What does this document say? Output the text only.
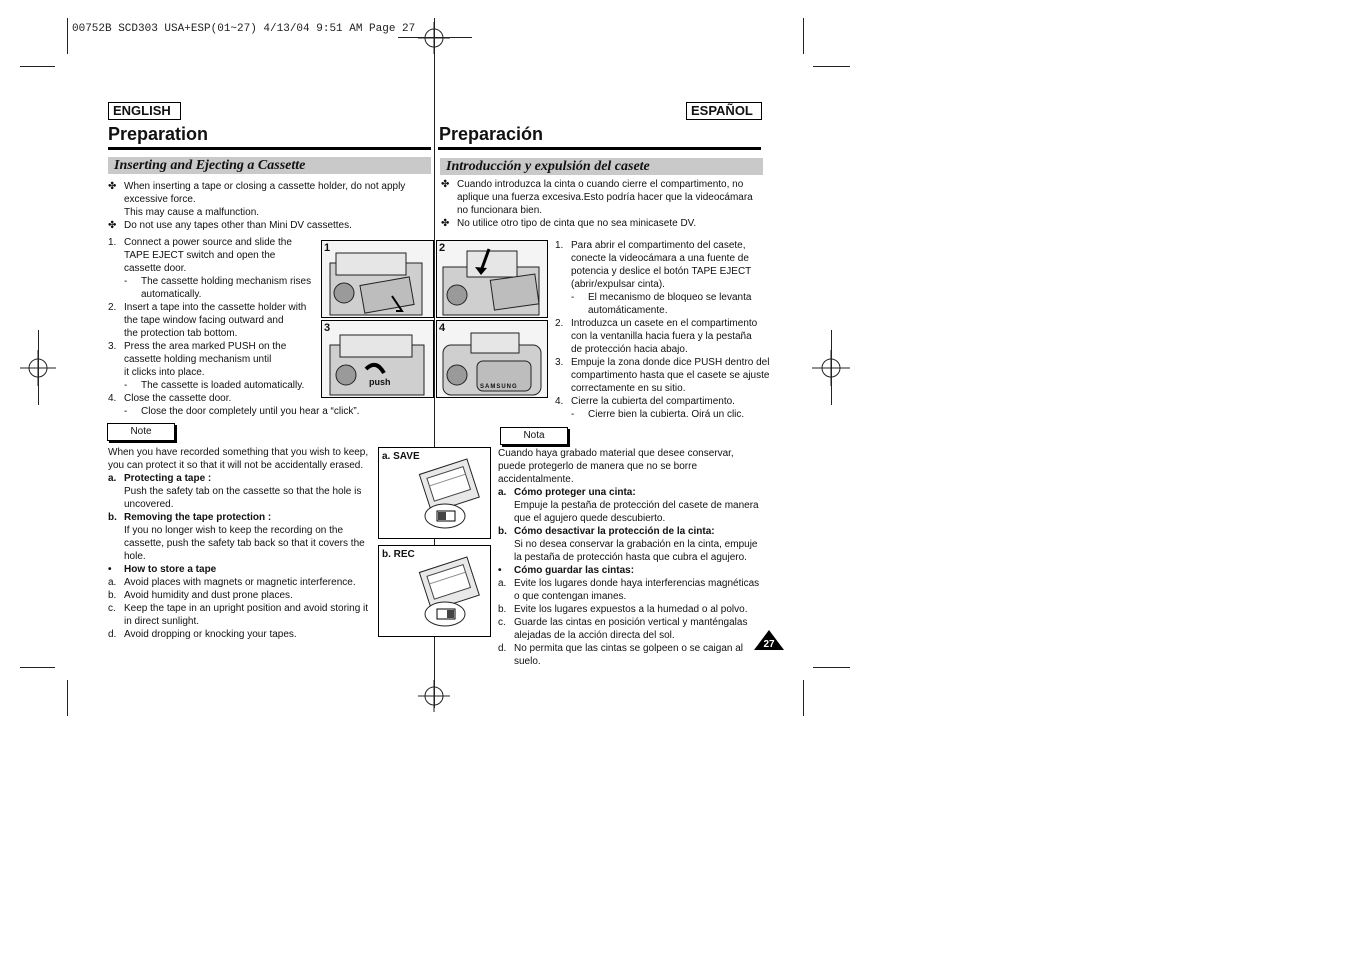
00752B SCD303 USA+ESP(01~27) 4/13/04 9:51 AM Page 27
ENGLISH	ESPAÑOL
Preparation	Preparación
Inserting and Ejecting a Cassette	Introducción y expulsión del casete
✤ When inserting a tape or closing a cassette holder, do not apply
excessive force.
This may cause a malfunction.
✤ Do not use any tapes other than Mini DV cassettes.
1. Connect a power source and slide the
TAPE EJECT switch and open the
cassette door.
- The cassette holding mechanism rises
automatically.
2. Insert a tape into the cassette holder with
the tape window facing outward and
the protection tab bottom.
3. Press the area marked PUSH on the
cassette holding mechanism until
it clicks into place.
- The cassette is loaded automatically.
4. Close the cassette door.
- Close the door completely until you hear a “click”.
✤ Cuando introduzca la cinta o cuando cierre el compartimento, no
aplique una fuerza excesiva.Esto podría hacer que la videocámara
no funcionara bien.
✤ No utilice otro tipo de cinta que no sea minicasete DV.
1. Para abrir el compartimento del casete,
conecte la videocámara a una fuente de
potencia y deslice el botón TAPE EJECT
(abrir/expulsar cinta).
- El mecanismo de bloqueo se levanta
automáticamente.
2. Introduzca un casete en el compartimento
con la ventanilla hacia fuera y la pestaña
de protección hacia abajo.
3. Empuje la zona donde dice PUSH dentro del
compartimento hasta que el casete se ajuste
correctamente en su sitio.
4. Cierre la cubierta del compartimento.
- Cierre bien la cubierta. Oirá un clic.
Note	Nota
When you have recorded something that you wish to keep,
you can protect it so that it will not be accidentally erased.
a. Protecting a tape :
Push the safety tab on the cassette so that the hole is
uncovered.
b. Removing the tape protection :
If you no longer wish to keep the recording on the
cassette, push the safety tab back so that it covers the
hole.
• How to store a tape
a. Avoid places with magnets or magnetic interference.
b. Avoid humidity and dust prone places.
c. Keep the tape in an upright position and avoid storing it
in direct sunlight.
d. Avoid dropping or knocking your tapes.
Cuando haya grabado material que desee conservar,
puede protegerlo de manera que no se borre
accidentalmente.
a. Cómo proteger una cinta:
Empuje la pestaña de protección del casete de manera
que el agujero quede descubierto.
b. Cómo desactivar la protección de la cinta:
Si no desea conservar la grabación en la cinta, empuje
la pestaña de protección hasta que cubra el agujero.
• Cómo guardar las cintas:
a. Evite los lugares donde haya interferencias magnéticas
o que contengan imanes.
b. Evite los lugares expuestos a la humedad o al polvo.
c. Guarde las cintas en posición vertical y manténgalas
alejadas de la acción directa del sol.
d. No permita que las cintas se golpeen o se caigan al
suelo.
1	2
3
push
4
SAMSUNG
a. SAVE
b. REC
27
